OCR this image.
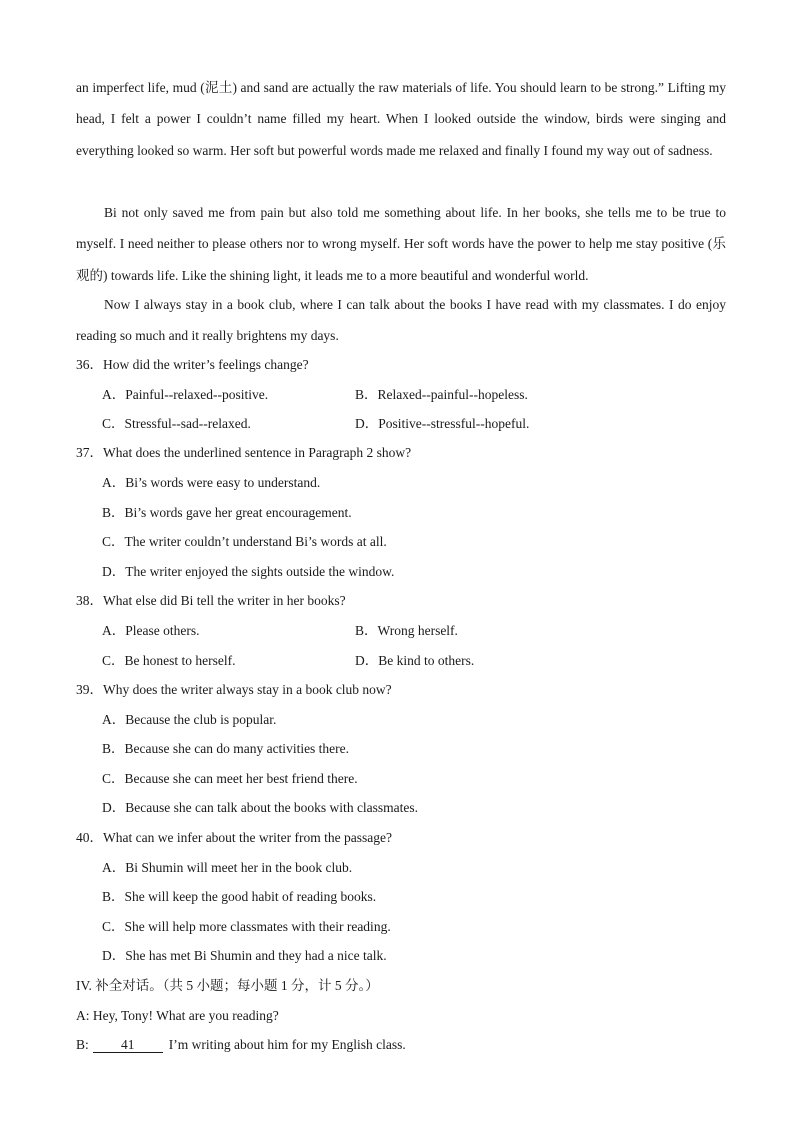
an imperfect life, mud (泥土) and sand are actually the raw materials of life. You should learn to be strong.” Lifting my head, I felt a power I couldn’t name filled my heart. When I looked outside the window, birds were singing and everything looked so warm. Her soft but powerful words made me relaxed and finally I found my way out of sadness.
Bi not only saved me from pain but also told me something about life. In her books, she tells me to be true to myself. I need neither to please others nor to wrong myself. Her soft words have the power to help me stay positive (乐观的) towards life. Like the shining light, it leads me to a more beautiful and wonderful world.
Now I always stay in a book club, where I can talk about the books I have read with my classmates. I do enjoy reading so much and it really brightens my days.
36．How did the writer’s feelings change?
A．Painful--relaxed--positive.	B．Relaxed--painful--hopeless.
C．Stressful--sad--relaxed.	D．Positive--stressful--hopeful.
37．What does the underlined sentence in Paragraph 2 show?
A．Bi’s words were easy to understand.
B．Bi’s words gave her great encouragement.
C．The writer couldn’t understand Bi’s words at all.
D．The writer enjoyed the sights outside the window.
38．What else did Bi tell the writer in her books?
A．Please others.	B．Wrong herself.
C．Be honest to herself.	D．Be kind to others.
39．Why does the writer always stay in a book club now?
A．Because the club is popular.
B．Because she can do many activities there.
C．Because she can meet her best friend there.
D．Because she can talk about the books with classmates.
40．What can we infer about the writer from the passage?
A．Bi Shumin will meet her in the book club.
B．She will keep the good habit of reading books.
C．She will help more classmates with their reading.
D．She has met Bi Shumin and they had a nice talk.
IV. 补全对话。（共 5 小题；每小题 1 分，计 5 分。）
A: Hey, Tony! What are you reading?
B: 41	I’m writing about him for my English class.
